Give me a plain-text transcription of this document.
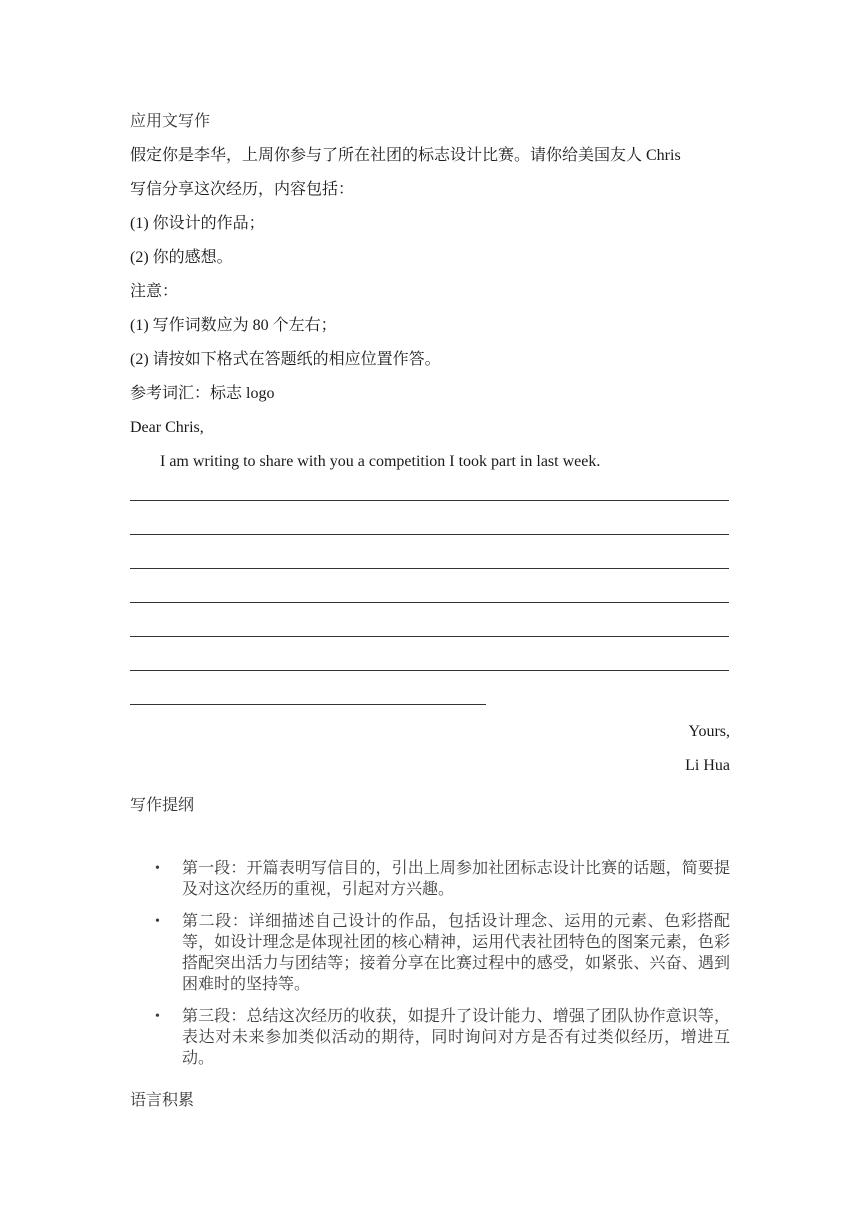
应用文写作
假定你是李华，上周你参与了所在社团的标志设计比赛。请你给美国友人 Chris
写信分享这次经历，内容包括：
(1) 你设计的作品；
(2) 你的感想。
注意：
(1) 写作词数应为 80 个左右；
(2) 请按如下格式在答题纸的相应位置作答。
参考词汇：标志 logo
Dear Chris,
I am writing to share with you a competition I took part in last week.
Yours,
Li Hua
写作提纲
• 第一段：开篇表明写信目的，引出上周参加社团标志设计比赛的话题，简要提及对这次经历的重视，引起对方兴趣。
• 第二段：详细描述自己设计的作品，包括设计理念、运用的元素、色彩搭配等，如设计理念是体现社团的核心精神，运用代表社团特色的图案元素，色彩搭配突出活力与团结等；接着分享在比赛过程中的感受，如紧张、兴奋、遇到困难时的坚持等。
• 第三段：总结这次经历的收获，如提升了设计能力、增强了团队协作意识等，表达对未来参加类似活动的期待，同时询问对方是否有过类似经历，增进互动。
语言积累
